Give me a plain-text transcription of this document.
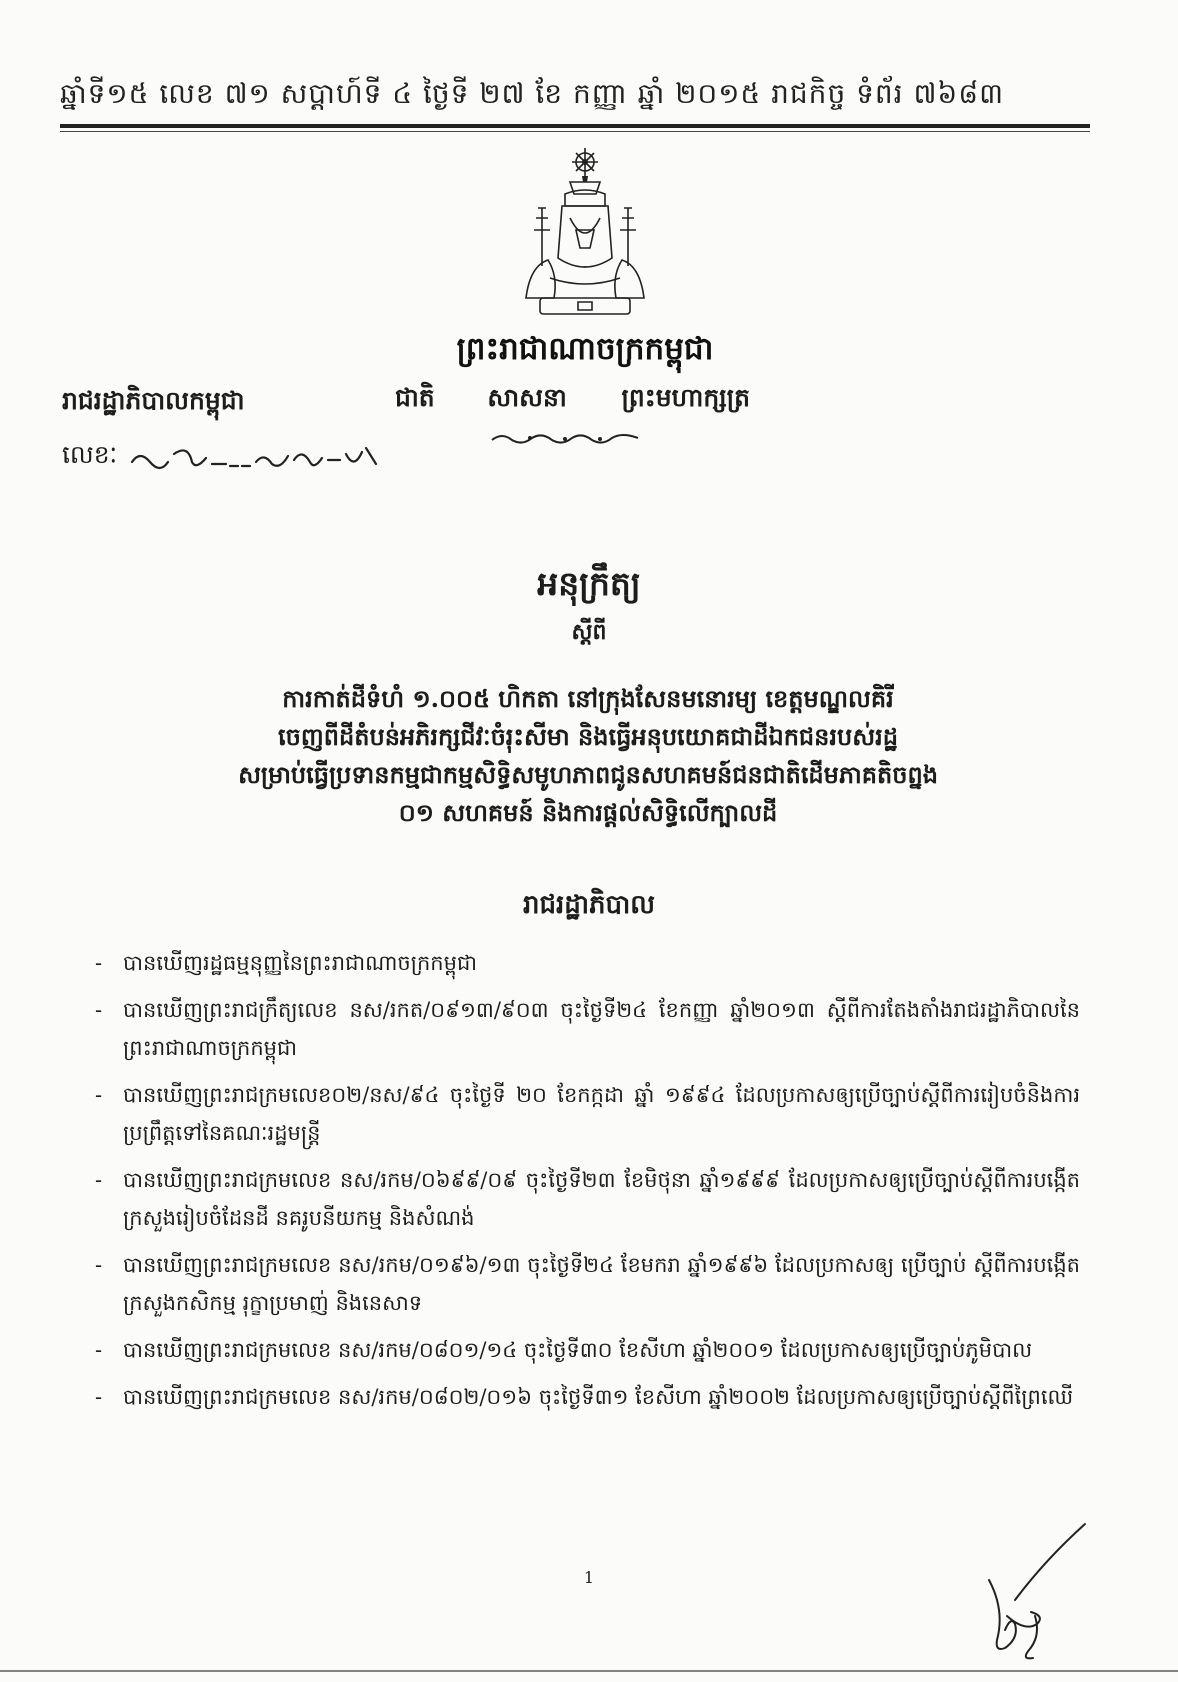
ឆ្នាំទី១៥ លេខ ៧១ សប្តាហ៍ទី ៤ ថ្ងៃទី ២៧ ខែ កញ្ញា ឆ្នាំ ២០១៥ រាជកិច្ច ទំព័រ ៧៦៨៣
ព្រះរាជាណាចក្រកម្ពុជា
ជាតិ សាសនា ព្រះមហាក្សត្រ
រាជរដ្ឋាភិបាលកម្ពុជា
លេខៈ
អនុក្រឹត្យ
ស្តីពី
ការកាត់ដីទំហំ ១.០០៥ ហិកតា នៅក្រុងសែនមនោរម្យ ខេត្តមណ្ឌលគិរី
ចេញពីដីតំបន់អភិរក្សជីវៈចំរុះសីមា និងធ្វើអនុបយោគជាដីឯកជនរបស់រដ្ឋ
សម្រាប់ធ្វើប្រទានកម្មជាកម្មសិទ្ធិសមូហភាពជូនសហគមន៍ជនជាតិដើមភាគតិចព្នង
០១ សហគមន៍ និងការផ្តល់សិទ្ធិលើក្បាលដី
រាជរដ្ឋាភិបាល
- បានឃើញរដ្ឋធម្មនុញ្ញនៃព្រះរាជាណាចក្រកម្ពុជា
- បានឃើញព្រះរាជក្រឹត្យលេខ នស/រកត/០៩១៣/៩០៣ ចុះថ្ងៃទី២៤ ខែកញ្ញា ឆ្នាំ២០១៣ ស្តីពីការតែងតាំងរាជរដ្ឋាភិបាលនៃព្រះរាជាណាចក្រកម្ពុជា
- បានឃើញព្រះរាជក្រមលេខ០២/នស/៩៤ ចុះថ្ងៃទី ២០ ខែកក្កដា ឆ្នាំ ១៩៩៤ ដែលប្រកាសឲ្យប្រើច្បាប់ស្តីពីការរៀបចំនិងការប្រព្រឹត្តទៅនៃគណៈរដ្ឋមន្ត្រី
- បានឃើញព្រះរាជក្រមលេខ នស/រកម/០៦៩៩/០៩ ចុះថ្ងៃទី២៣ ខែមិថុនា ឆ្នាំ១៩៩៩ ដែលប្រកាសឲ្យប្រើច្បាប់ស្តីពីការបង្កើតក្រសួងរៀបចំដែនដី នគរូបនីយកម្ម និងសំណង់
- បានឃើញព្រះរាជក្រមលេខ នស/រកម/០១៩៦/១៣ ចុះថ្ងៃទី២៤ ខែមករា ឆ្នាំ១៩៩៦ ដែលប្រកាសឲ្យ ប្រើច្បាប់ ស្តីពីការបង្កើតក្រសួងកសិកម្ម រុក្ខាប្រមាញ់ និងនេសាទ
- បានឃើញព្រះរាជក្រមលេខ នស/រកម/០៨០១/១៤ ចុះថ្ងៃទី៣០ ខែសីហា ឆ្នាំ២០០១ ដែលប្រកាសឲ្យប្រើច្បាប់ភូមិបាល
- បានឃើញព្រះរាជក្រមលេខ នស/រកម/០៨០២/០១៦ ចុះថ្ងៃទី៣១ ខែសីហា ឆ្នាំ២០០២ ដែលប្រកាសឲ្យប្រើច្បាប់ស្តីពីព្រៃឈើ
1
